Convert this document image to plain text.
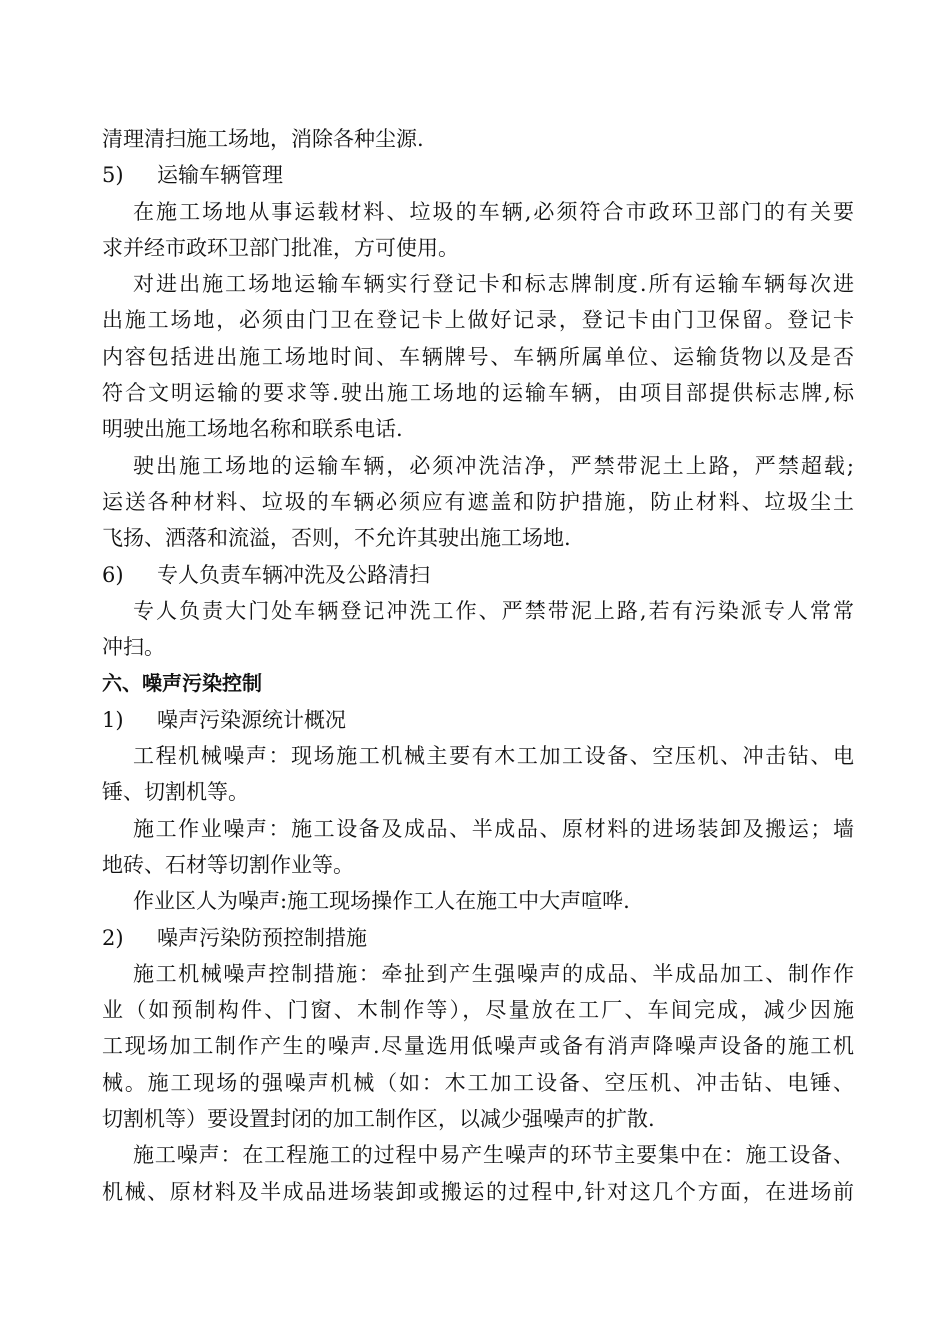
清理清扫施工场地，消除各种尘源.
5)	运输车辆管理
在施工场地从事运载材料、垃圾的车辆,必须符合市政环卫部门的有关要
求并经市政环卫部门批准，方可使用。
对进出施工场地运输车辆实行登记卡和标志牌制度.所有运输车辆每次进
出施工场地，必须由门卫在登记卡上做好记录，登记卡由门卫保留。登记卡
内容包括进出施工场地时间、车辆牌号、车辆所属单位、运输货物以及是否
符合文明运输的要求等.驶出施工场地的运输车辆，由项目部提供标志牌,标
明驶出施工场地名称和联系电话.
驶出施工场地的运输车辆，必须冲洗洁净，严禁带泥土上路，严禁超载;
运送各种材料、垃圾的车辆必须应有遮盖和防护措施，防止材料、垃圾尘土
飞扬、洒落和流溢，否则，不允许其驶出施工场地.
6)	专人负责车辆冲洗及公路清扫
专人负责大门处车辆登记冲洗工作、严禁带泥上路,若有污染派专人常常
冲扫。
六、噪声污染控制
1)	噪声污染源统计概况
工程机械噪声：现场施工机械主要有木工加工设备、空压机、冲击钻、电
锤、切割机等。
施工作业噪声：施工设备及成品、半成品、原材料的进场装卸及搬运；墙
地砖、石材等切割作业等。
作业区人为噪声:施工现场操作工人在施工中大声喧哗.
2)	噪声污染防预控制措施
施工机械噪声控制措施：牵扯到产生强噪声的成品、半成品加工、制作作
业（如预制构件、门窗、木制作等），尽量放在工厂、车间完成，减少因施
工现场加工制作产生的噪声.尽量选用低噪声或备有消声降噪声设备的施工机
械。施工现场的强噪声机械（如：木工加工设备、空压机、冲击钻、电锤、
切割机等）要设置封闭的加工制作区，以减少强噪声的扩散.
施工噪声：在工程施工的过程中易产生噪声的环节主要集中在：施工设备、
机械、原材料及半成品进场装卸或搬运的过程中,针对这几个方面，在进场前
